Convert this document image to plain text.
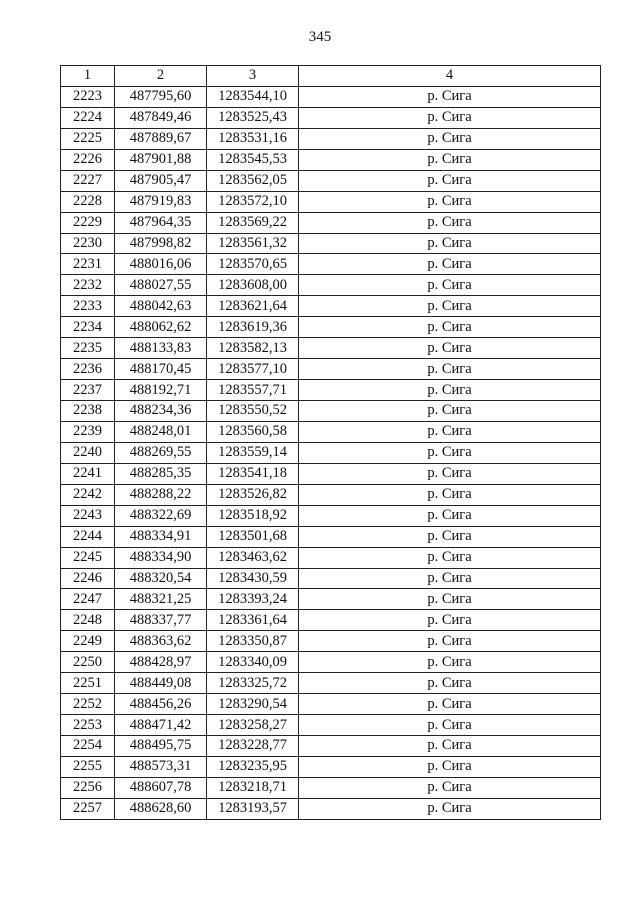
345
1	2	3	4
2223	487795,60	1283544,10	р. Сига
2224	487849,46	1283525,43	р. Сига
2225	487889,67	1283531,16	р. Сига
2226	487901,88	1283545,53	р. Сига
2227	487905,47	1283562,05	р. Сига
2228	487919,83	1283572,10	р. Сига
2229	487964,35	1283569,22	р. Сига
2230	487998,82	1283561,32	р. Сига
2231	488016,06	1283570,65	р. Сига
2232	488027,55	1283608,00	р. Сига
2233	488042,63	1283621,64	р. Сига
2234	488062,62	1283619,36	р. Сига
2235	488133,83	1283582,13	р. Сига
2236	488170,45	1283577,10	р. Сига
2237	488192,71	1283557,71	р. Сига
2238	488234,36	1283550,52	р. Сига
2239	488248,01	1283560,58	р. Сига
2240	488269,55	1283559,14	р. Сига
2241	488285,35	1283541,18	р. Сига
2242	488288,22	1283526,82	р. Сига
2243	488322,69	1283518,92	р. Сига
2244	488334,91	1283501,68	р. Сига
2245	488334,90	1283463,62	р. Сига
2246	488320,54	1283430,59	р. Сига
2247	488321,25	1283393,24	р. Сига
2248	488337,77	1283361,64	р. Сига
2249	488363,62	1283350,87	р. Сига
2250	488428,97	1283340,09	р. Сига
2251	488449,08	1283325,72	р. Сига
2252	488456,26	1283290,54	р. Сига
2253	488471,42	1283258,27	р. Сига
2254	488495,75	1283228,77	р. Сига
2255	488573,31	1283235,95	р. Сига
2256	488607,78	1283218,71	р. Сига
2257	488628,60	1283193,57	р. Сига
